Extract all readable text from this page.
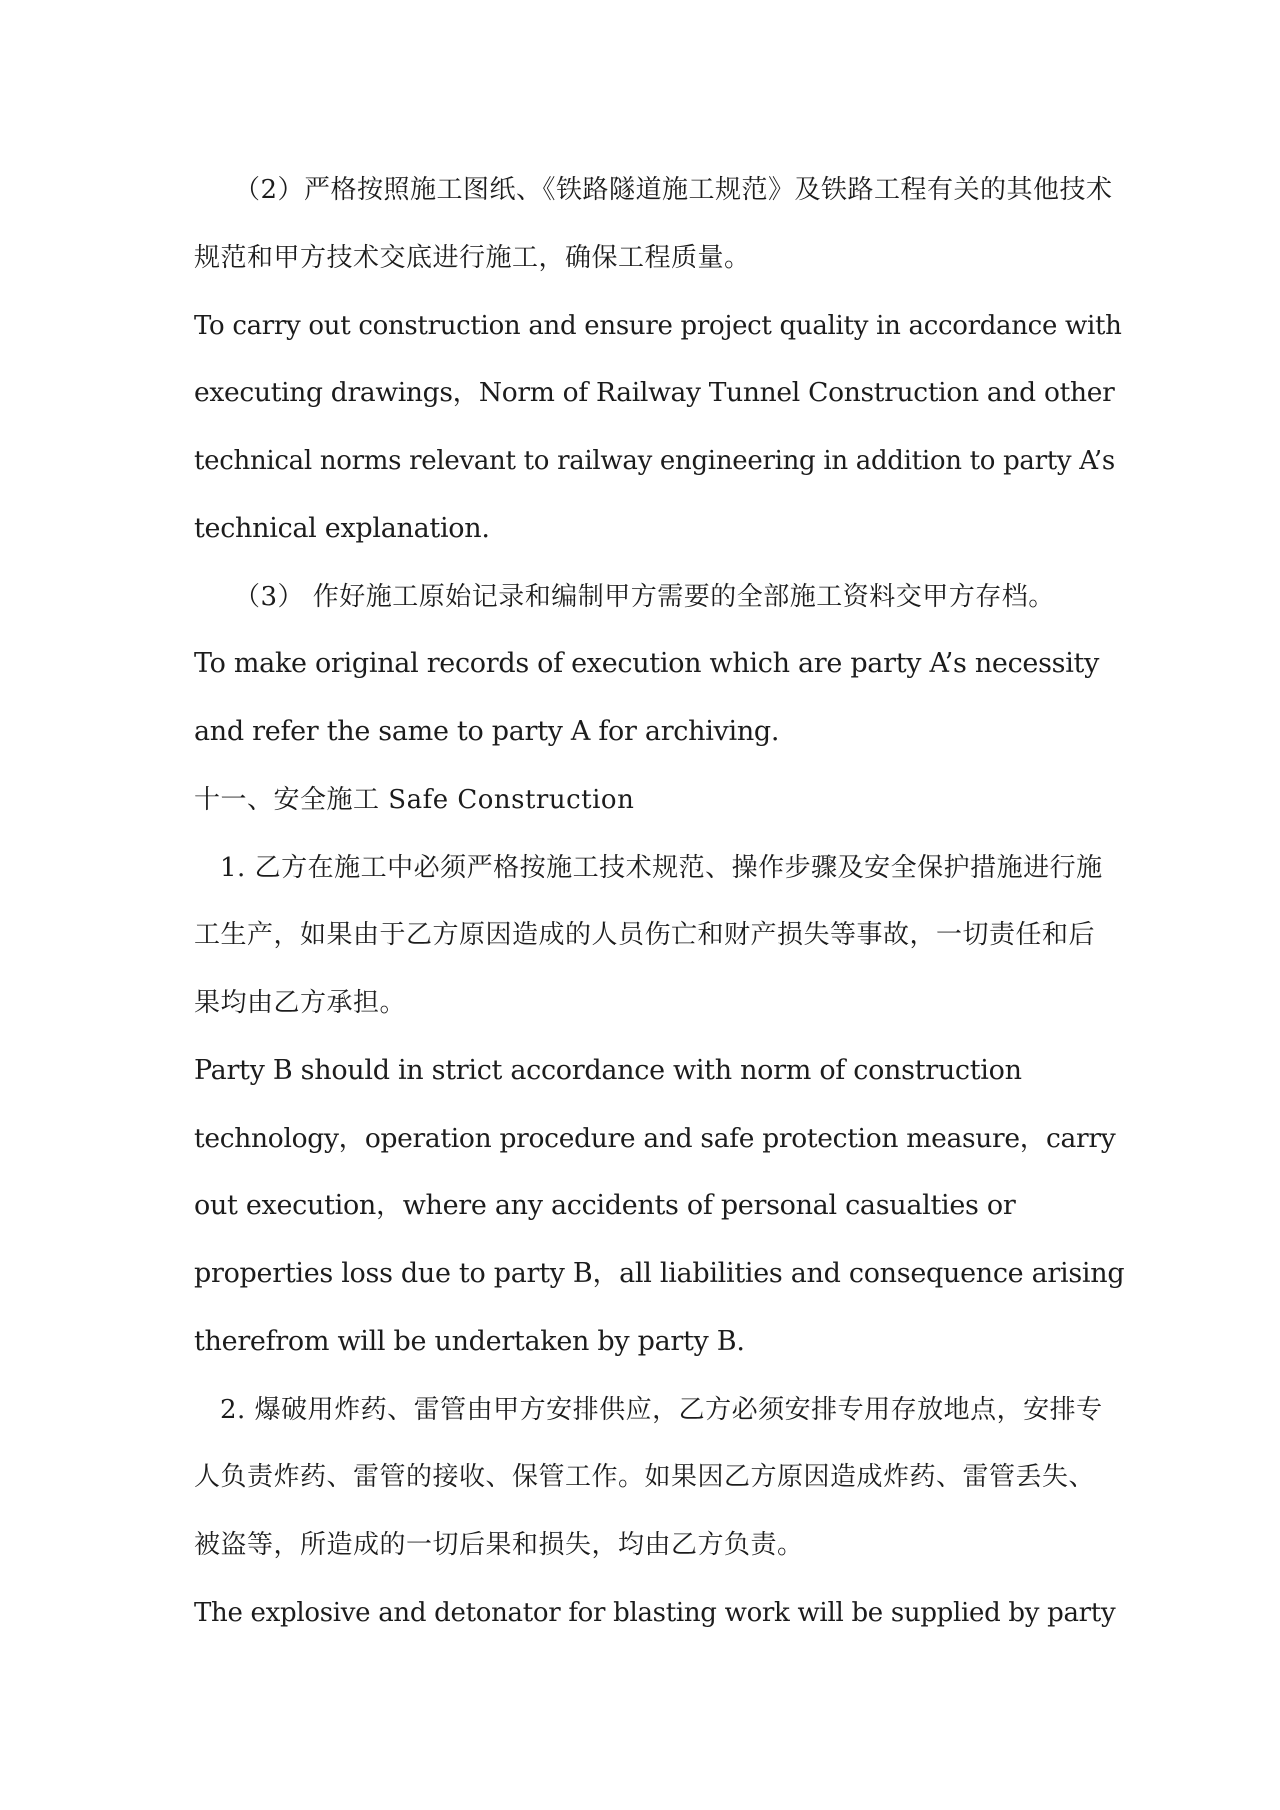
（2）严格按照施工图纸、《铁路隧道施工规范》及铁路工程有关的其他技术
规范和甲方技术交底进行施工，确保工程质量。
To carry out construction and ensure project quality in accordance with
executing drawings，Norm of Railway Tunnel Construction and other
technical norms relevant to railway engineering in addition to party A’s
technical explanation.
（3） 作好施工原始记录和编制甲方需要的全部施工资料交甲方存档。
To make original records of execution which are party A’s necessity
and refer the same to party A for archiving.
十一、安全施工 Safe Construction
1. 乙方在施工中必须严格按施工技术规范、操作步骤及安全保护措施进行施
工生产，如果由于乙方原因造成的人员伤亡和财产损失等事故，一切责任和后
果均由乙方承担。
Party B should in strict accordance with norm of construction
technology，operation procedure and safe protection measure，carry
out execution，where any accidents of personal casualties or
properties loss due to party B，all liabilities and consequence arising
therefrom will be undertaken by party B.
2. 爆破用炸药、雷管由甲方安排供应，乙方必须安排专用存放地点，安排专
人负责炸药、雷管的接收、保管工作。如果因乙方原因造成炸药、雷管丢失、
被盗等，所造成的一切后果和损失，均由乙方负责。
The explosive and detonator for blasting work will be supplied by party
